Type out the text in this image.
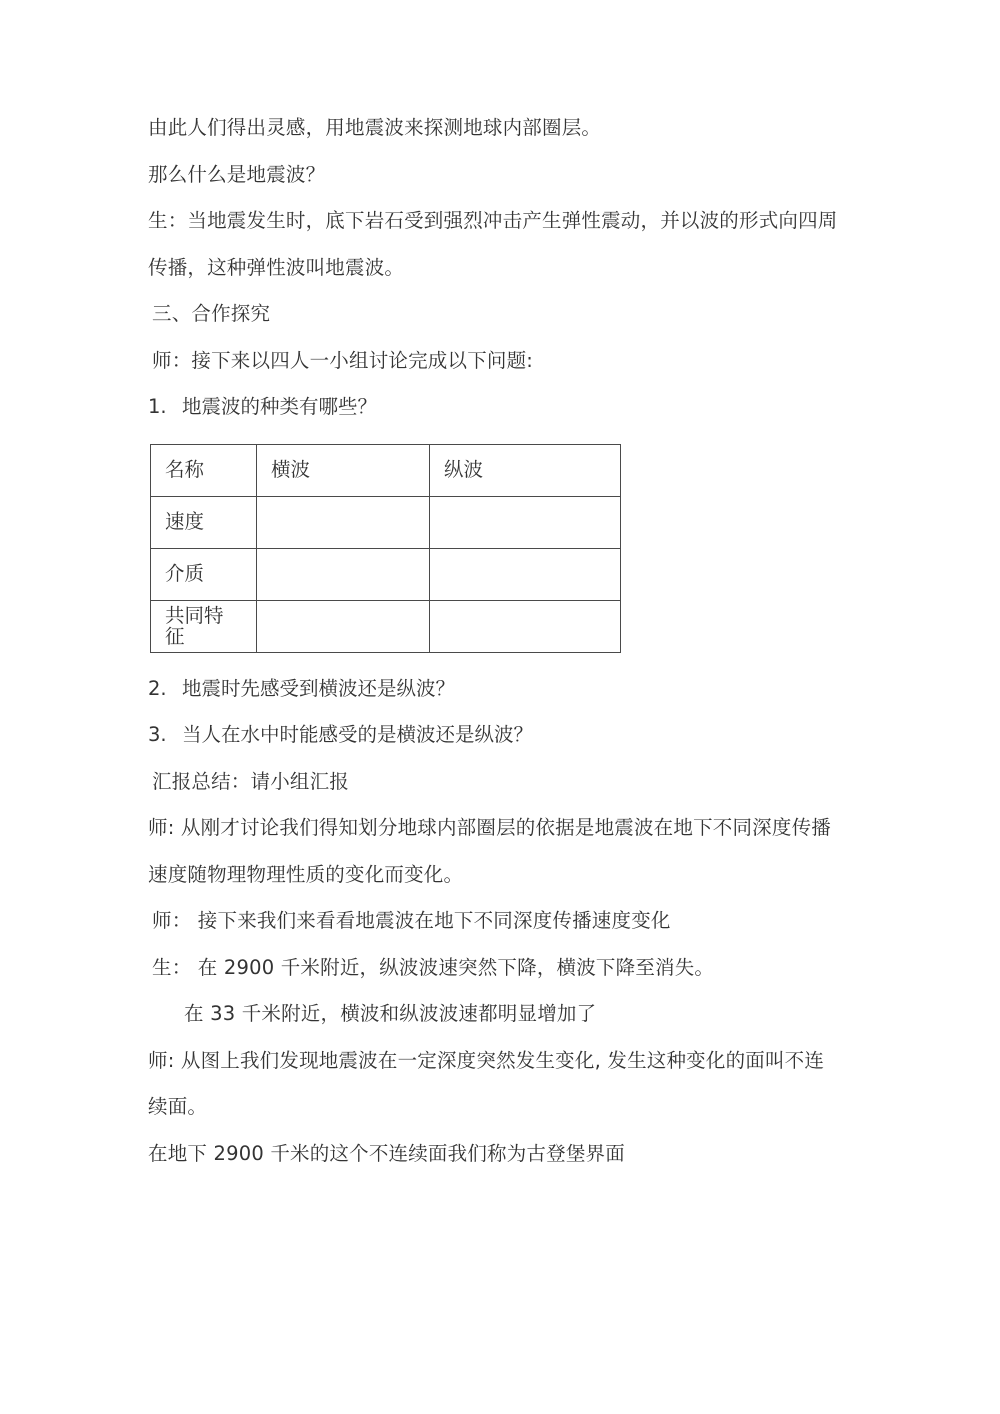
由此人们得出灵感，用地震波来探测地球内部圈层。

那么什么是地震波？

生：当地震发生时，底下岩石受到强烈冲击产生弹性震动，并以波的形式向四周

传播，这种弹性波叫地震波。

三、合作探究

师：接下来以四人一小组讨论完成以下问题:

1. 地震波的种类有哪些？
名称	横波	纵波
速度		
介质		
共同特征		
2. 地震时先感受到横波还是纵波？
3. 当人在水中时能感受的是横波还是纵波？

汇报总结：请小组汇报

师: 从刚才讨论我们得知划分地球内部圈层的依据是地震波在地下不同深度传播

速度随物理物理性质的变化而变化。

师： 接下来我们来看看地震波在地下不同深度传播速度变化

生： 在 2900 千米附近，纵波波速突然下降，横波下降至消失。

在 33 千米附近，横波和纵波波速都明显增加了

师: 从图上我们发现地震波在一定深度突然发生变化, 发生这种变化的面叫不连

续面。

在地下 2900 千米的这个不连续面我们称为古登堡界面
